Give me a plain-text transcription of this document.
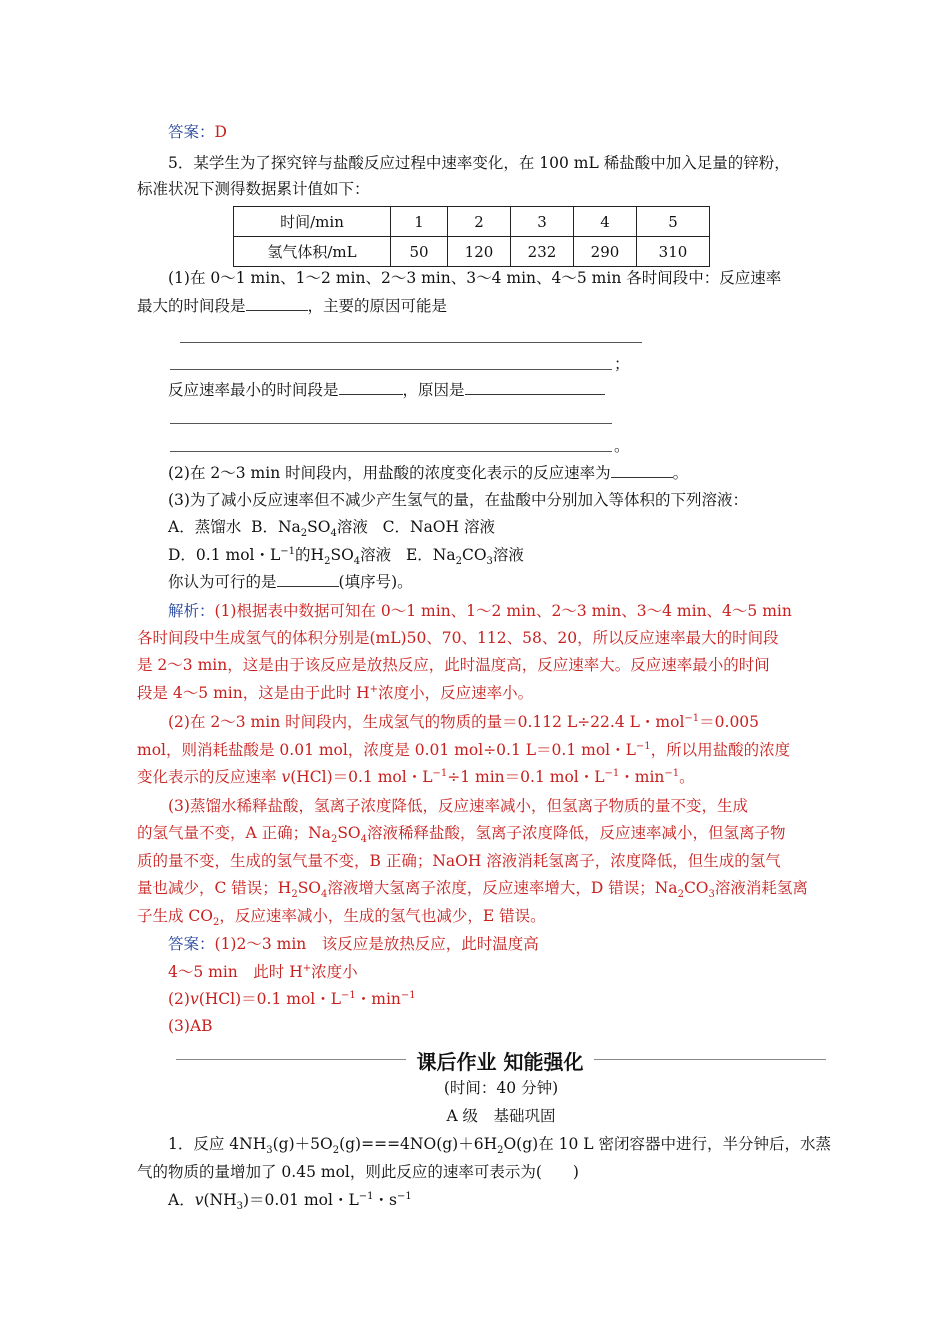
答案：D
5．某学生为了探究锌与盐酸反应过程中速率变化，在 100 mL 稀盐酸中加入足量的锌粉，
标准状况下测得数据累计值如下：
时间/min	1	2	3	4	5
氢气体积/mL	50	120	232	290	310
(1)在 0～1 min、1～2 min、2～3 min、3～4 min、4～5 min 各时间段中：反应速率
最大的时间段是	，主要的原因可能是
；
反应速率最小的时间段是	，原因是
。
(2)在 2～3 min 时间段内，用盐酸的浓度变化表示的反应速率为	。
(3)为了减小反应速率但不减少产生氢气的量，在盐酸中分别加入等体积的下列溶液：
A．蒸馏水 B．$Na_2SO_4$溶液 C．NaOH 溶液
D．0.1 mol・$L^{-1}$的$H_2SO_4$溶液 E．$Na_2CO_3$溶液
你认为可行的是	(填序号)。
解析：(1)根据表中数据可知在 0～1 min、1～2 min、2～3 min、3～4 min、4～5 min
各时间段中生成氢气的体积分别是(mL)50、70、112、58、20，所以反应速率最大的时间段
是 2～3 min，这是由于该反应是放热反应，此时温度高，反应速率大。反应速率最小的时间
段是 4～5 min，这是由于此时 H+浓度小，反应速率小。
(2)在 2～3 min 时间段内，生成氢气的物质的量＝0.112 L÷22.4 L・mol$^{-1}$＝0.005
mol，则消耗盐酸是 0.01 mol，浓度是 0.01 mol÷0.1 L＝0.1 mol・$L^{-1}$，所以用盐酸的浓度
变化表示的反应速率 v(HCl)＝0.1 mol・$L^{-1}\div 1$ min＝0.1 mol・$L^{-1}$・$\min^{-1}$。
(3)蒸馏水稀释盐酸，氢离子浓度降低，反应速率减小，但氢离子物质的量不变，生成
的氢气量不变，A 正确；$Na_2SO_4$溶液稀释盐酸，氢离子浓度降低，反应速率减小，但氢离子物
质的量不变，生成的氢气量不变，B 正确；NaOH 溶液消耗氢离子，浓度降低，但生成的氢气
量也减少，C 错误；$H_2SO_4$溶液增大氢离子浓度，反应速率增大，D 错误；$Na_2CO_3$溶液消耗氢离
子生成 $CO_2$，反应速率减小，生成的氢气也减少，E 错误。
答案：(1)2～3 min　该反应是放热反应，此时温度高
4～5 min　此时 H+浓度小
(2)v(HCl)＝0.1 mol・$L^{-1}$・$\min^{-1}$
(3)AB
课后作业 知能强化
(时间：40 分钟)
A 级　基础巩固
1．反应 $4NH_3(g)+5O_2(g)===4NO(g)+6H_2O(g)$在 10 L 密闭容器中进行，半分钟后，水蒸
气的物质的量增加了 0.45 mol，则此反应的速率可表示为(　　)
A．$v(NH_3)=0.01$ mol・$L^{-1}$・$s^{-1}$
